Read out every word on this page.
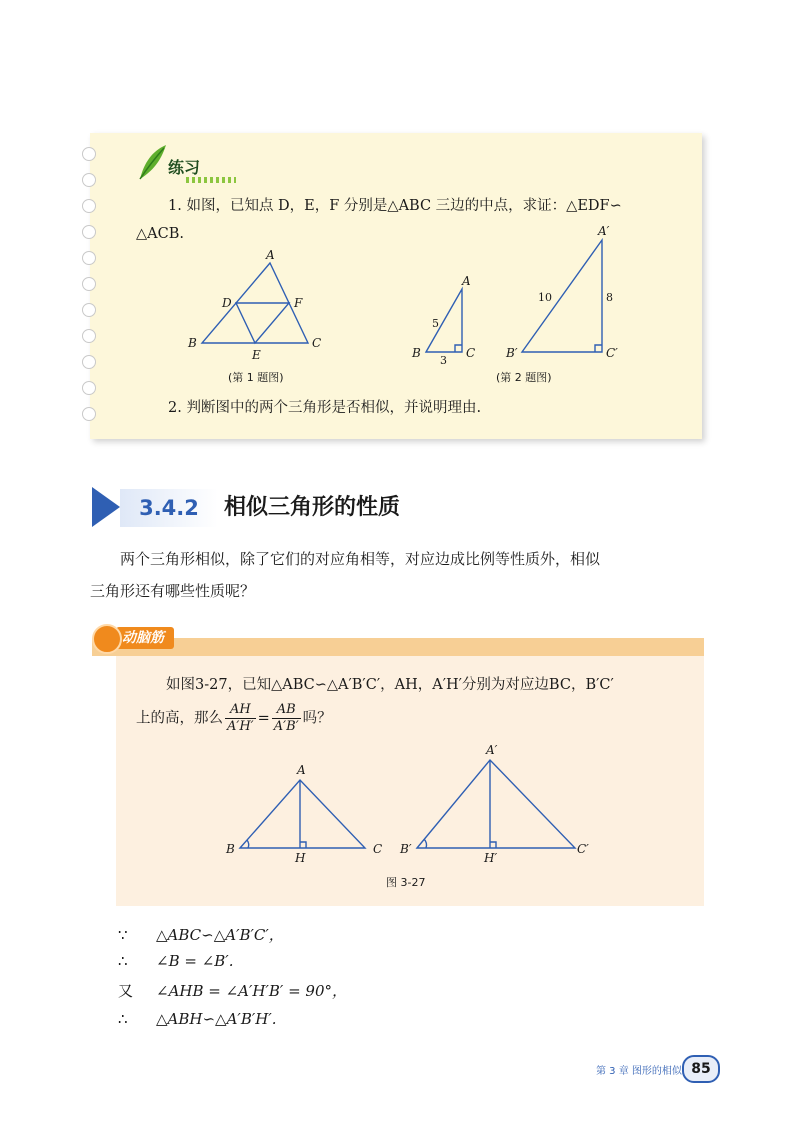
练习
1. 如图，已知点 D，E，F 分别是△ABC 三边的中点，求证：△EDF∽
△ACB.
A
B	C
D
E
F
(第 1 题图)
A
B	C
5
3
A′
B′	C′
10	8
(第 2 题图)
2. 判断图中的两个三角形是否相似，并说明理由.
3.4.2	相似三角形的性质
两个三角形相似，除了它们的对应角相等，对应边成比例等性质外，相似
三角形还有哪些性质呢？
动脑筋
如图3-27，已知△ABC∽△A′B′C′，AH，A′H′分别为对应边BC，B′C′
上的高，那么 $\frac{AH}{A'H'} = \frac{AB}{A'B'}$ 吗？
A
B	C
H
A′
B′	C′
H′
图 3-27
∵ △ABC∽△A′B′C′，
∴ ∠B = ∠B′.
又 ∠AHB = ∠A′H′B′ = 90°，
∴ △ABH∽△A′B′H′.
第 3 章 图形的相似 85
